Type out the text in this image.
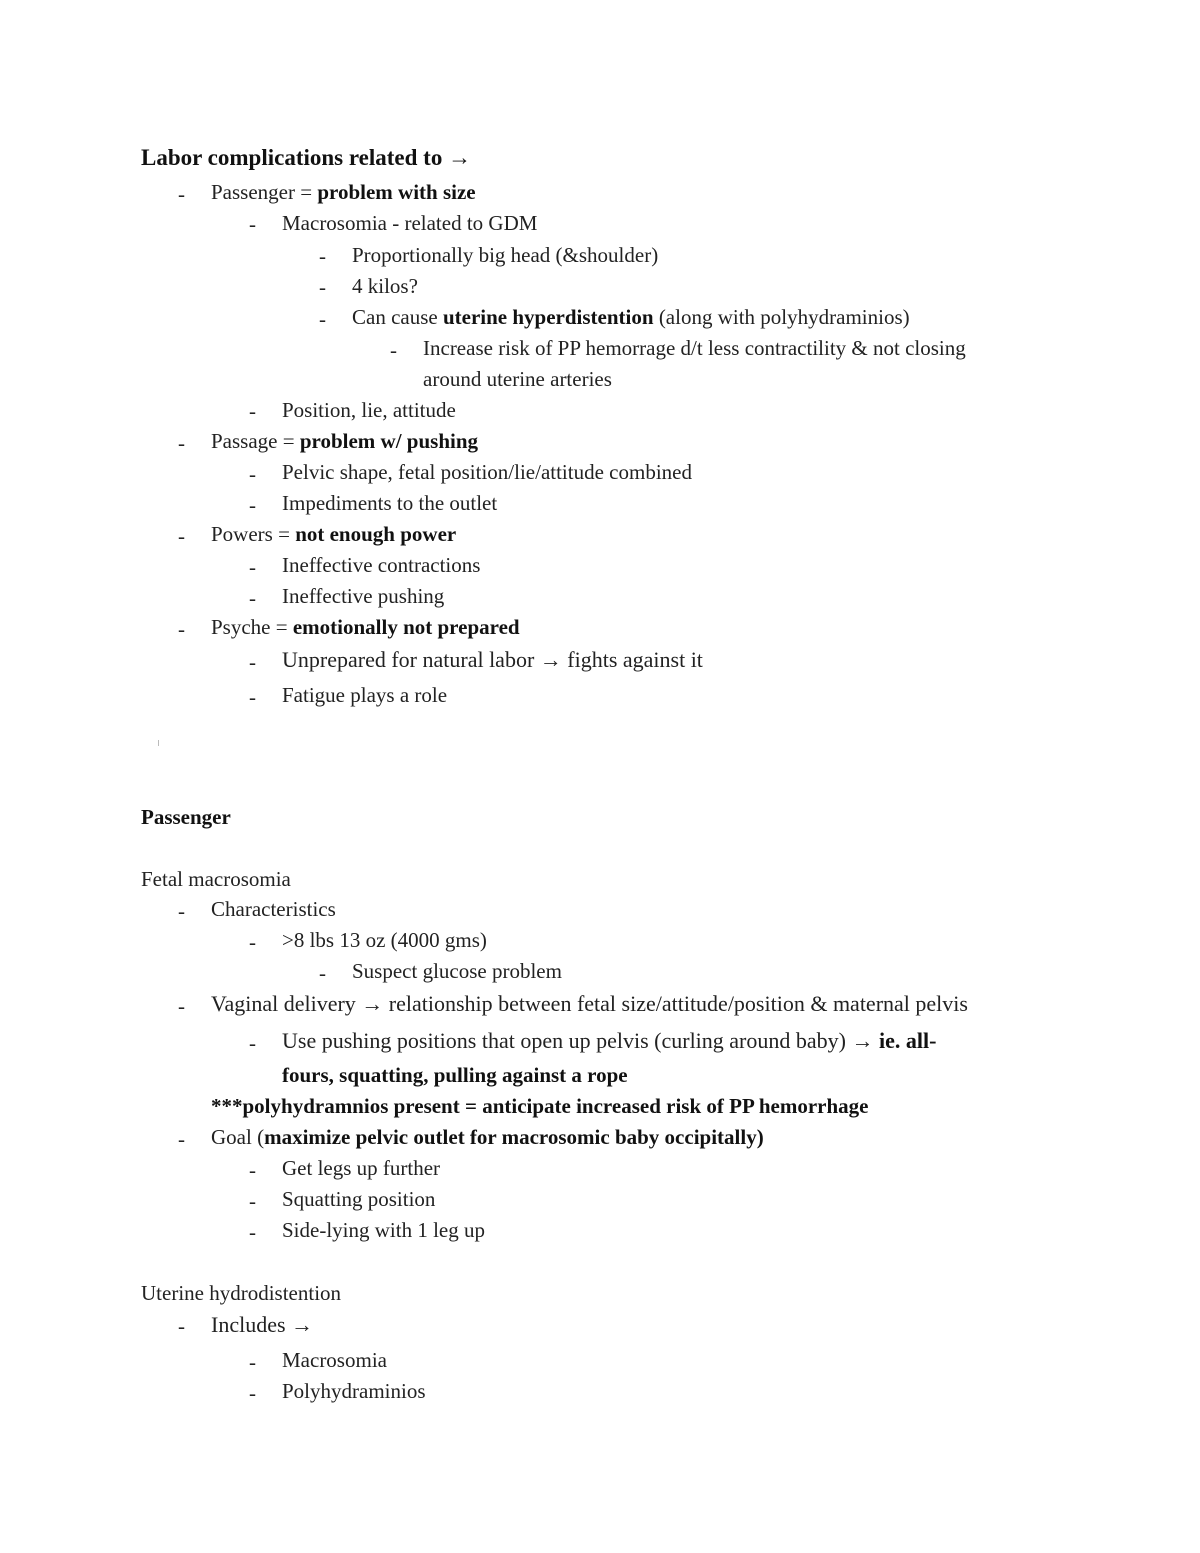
Labor complications related to →
- Passenger = problem with size
- Macrosomia - related to GDM
- Proportionally big head (&shoulder)
- 4 kilos?
- Can cause uterine hyperdistention (along with polyhydraminios)
- Increase risk of PP hemorrage d/t less contractility & not closing
around uterine arteries
- Position, lie, attitude
- Passage = problem w/ pushing
- Pelvic shape, fetal position/lie/attitude combined
- Impediments to the outlet
- Powers = not enough power
- Ineffective contractions
- Ineffective pushing
- Psyche = emotionally not prepared
- Unprepared for natural labor → fights against it
- Fatigue plays a role
Passenger
Fetal macrosomia
- Characteristics
- >8 lbs 13 oz (4000 gms)
- Suspect glucose problem
- Vaginal delivery → relationship between fetal size/attitude/position & maternal pelvis
- Use pushing positions that open up pelvis (curling around baby) → ie. all-
fours, squatting, pulling against a rope
***polyhydramnios present = anticipate increased risk of PP hemorrhage
- Goal (maximize pelvic outlet for macrosomic baby occipitally)
- Get legs up further
- Squatting position
- Side-lying with 1 leg up
Uterine hydrodistention
- Includes →
- Macrosomia
- Polyhydraminios
